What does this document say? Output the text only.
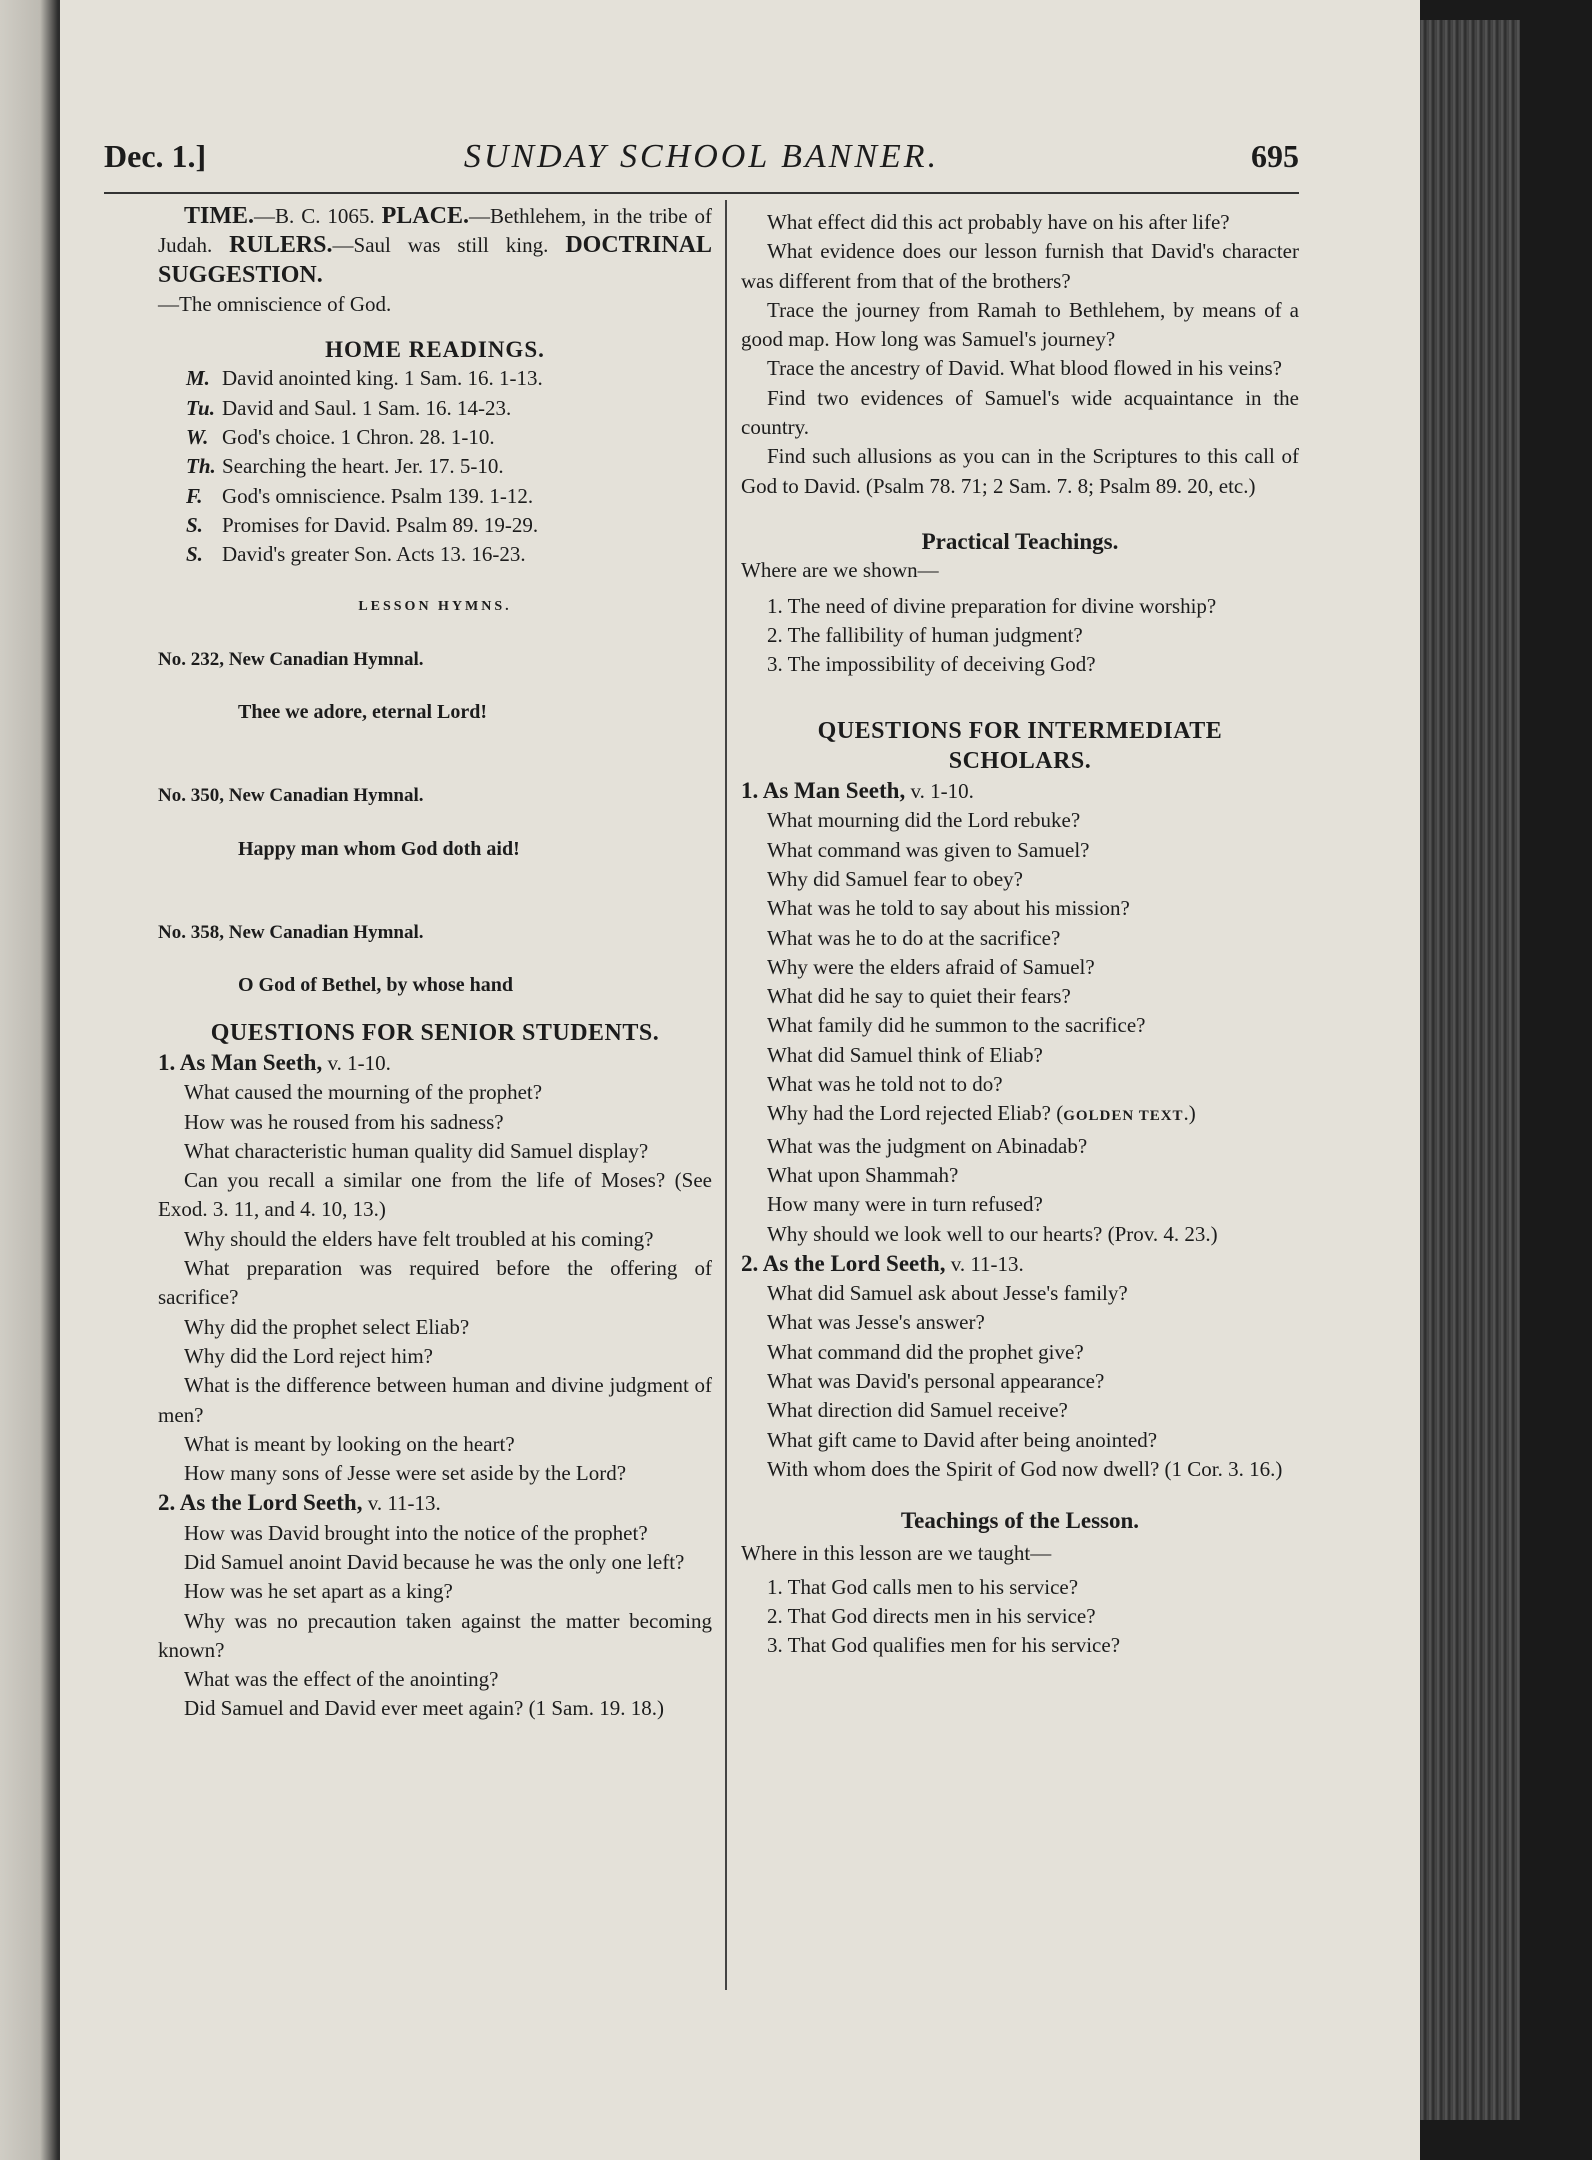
Dec. 1.]	SUNDAY SCHOOL BANNER.	695

TIME.—B. C. 1065. PLACE.—Bethlehem, in the tribe of Judah. RULERS.—Saul was still king. DOCTRINAL SUGGESTION.

—The omniscience of God.

HOME READINGS.

M. David anointed king. 1 Sam. 16. 1-13.
Tu. David and Saul. 1 Sam. 16. 14-23.
W. God's choice. 1 Chron. 28. 1-10.
Th. Searching the heart. Jer. 17. 5-10.
F. God's omniscience. Psalm 139. 1-12.
S. Promises for David. Psalm 89. 19-29.
S. David's greater Son. Acts 13. 16-23.

LESSON HYMNS.

No. 232, New Canadian Hymnal.

Thee we adore, eternal Lord!

No. 350, New Canadian Hymnal.

Happy man whom God doth aid!

No. 358, New Canadian Hymnal.

O God of Bethel, by whose hand

QUESTIONS FOR SENIOR STUDENTS.

1. As Man Seeth, v. 1-10.

What caused the mourning of the prophet?

How was he roused from his sadness?

What characteristic human quality did Samuel display?

Can you recall a similar one from the life of Moses? (See Exod. 3. 11, and 4. 10, 13.)

Why should the elders have felt troubled at his coming?

What preparation was required before the offering of sacrifice?

Why did the prophet select Eliab?

Why did the Lord reject him?

What is the difference between human and divine judgment of men?

What is meant by looking on the heart?

How many sons of Jesse were set aside by the Lord?

2. As the Lord Seeth, v. 11-13.

How was David brought into the notice of the prophet?

Did Samuel anoint David because he was the only one left?

How was he set apart as a king?

Why was no precaution taken against the matter becoming known?

What was the effect of the anointing?

Did Samuel and David ever meet again? (1 Sam. 19. 18.)

What effect did this act probably have on his after life?

What evidence does our lesson furnish that David's character was different from that of the brothers?

Trace the journey from Ramah to Bethlehem, by means of a good map. How long was Samuel's journey?

Trace the ancestry of David. What blood flowed in his veins?

Find two evidences of Samuel's wide acquaintance in the country.

Find such allusions as you can in the Scriptures to this call of God to David. (Psalm 78. 71; 2 Sam. 7. 8; Psalm 89. 20, etc.)

Practical Teachings.

Where are we shown—

1. The need of divine preparation for divine worship?

2. The fallibility of human judgment?

3. The impossibility of deceiving God?

QUESTIONS FOR INTERMEDIATE

SCHOLARS.

1. As Man Seeth, v. 1-10.

What mourning did the Lord rebuke?

What command was given to Samuel?

Why did Samuel fear to obey?

What was he told to say about his mission?

What was he to do at the sacrifice?

Why were the elders afraid of Samuel?

What did he say to quiet their fears?

What family did he summon to the sacrifice?

What did Samuel think of Eliab?

What was he told not to do?

Why had the Lord rejected Eliab? (GOLDEN TEXT.)

What was the judgment on Abinadab?

What upon Shammah?

How many were in turn refused?

Why should we look well to our hearts? (Prov. 4. 23.)

2. As the Lord Seeth, v. 11-13.

What did Samuel ask about Jesse's family?

What was Jesse's answer?

What command did the prophet give?

What was David's personal appearance?

What direction did Samuel receive?

What gift came to David after being anointed?

With whom does the Spirit of God now dwell? (1 Cor. 3. 16.)

Teachings of the Lesson.

Where in this lesson are we taught—

1. That God calls men to his service?

2. That God directs men in his service?

3. That God qualifies men for his service?
